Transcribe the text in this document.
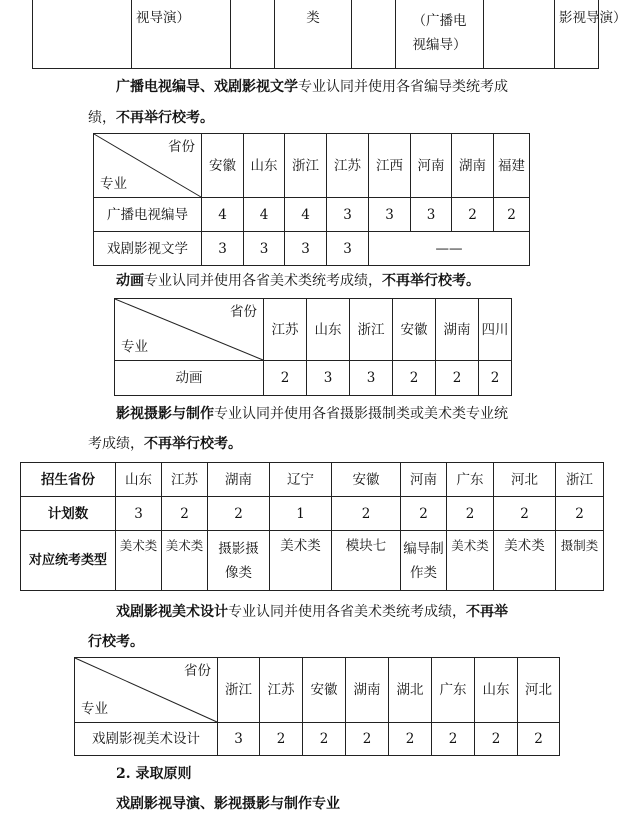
	视导演）		类		（广播电
视编导）		影视导演）
广播电视编导、戏剧影视文学专业认同并使用各省编导类统考成
绩，不再举行校考。
省份
专业	安徽	山东	浙江	江苏	江西	河南	湖南	福建
广播电视编导	4	4	4	3	3	3	2	2
戏剧影视文学	3	3	3	3	——			
动画专业认同并使用各省美术类统考成绩，不再举行校考。
省份
专业	江苏	山东	浙江	安徽	湖南	四川
动画	2	3	3	2	2	2
影视摄影与制作专业认同并使用各省摄影摄制类或美术类专业统
考成绩，不再举行校考。
招生省份	山东	江苏	湖南	辽宁	安徽	河南	广东	河北	浙江
计划数	3	2	2	1	2	2	2	2	2
对应统考类型	美术类	美术类	摄影摄
像类	美术类	模块七	编导制
作类	美术类	美术类	摄制类
戏剧影视美术设计专业认同并使用各省美术类统考成绩，不再举
行校考。
省份
专业	浙江	江苏	安徽	湖南	湖北	广东	山东	河北
戏剧影视美术设计	3	2	2	2	2	2	2	2
2. 录取原则
戏剧影视导演、影视摄影与制作专业
